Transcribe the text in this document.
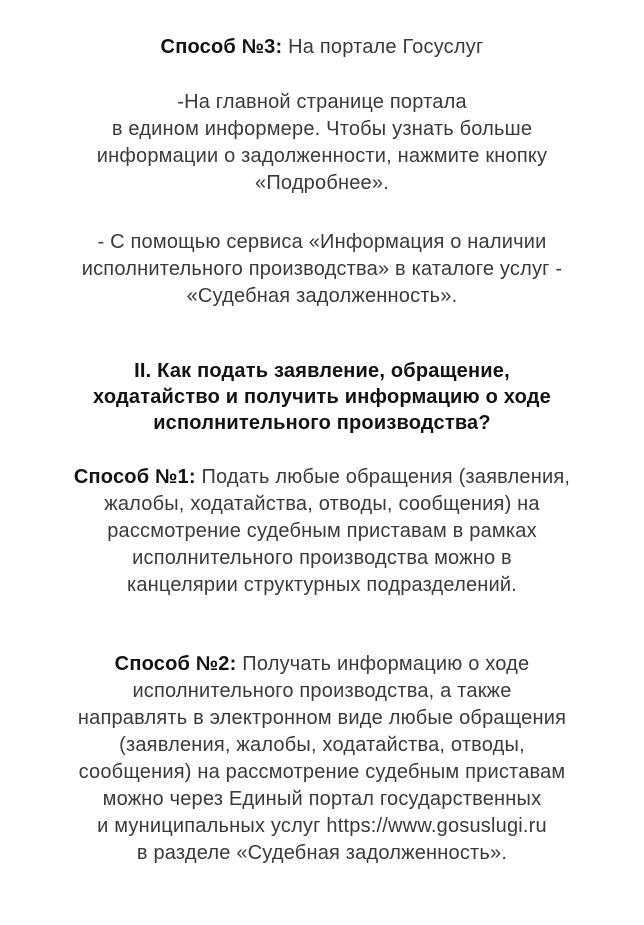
Способ №3: На портале Госуслуг
-На главной странице портала
в едином информере. Чтобы узнать больше
информации о задолженности, нажмите кнопку
«Подробнее».
- С помощью сервиса «Информация о наличии
исполнительного производства» в каталоге услуг -
«Судебная задолженность».
II. Как подать заявление, обращение,
ходатайство и получить информацию о ходе
исполнительного производства?
Способ №1: Подать любые обращения (заявления,
жалобы, ходатайства, отводы, сообщения) на
рассмотрение судебным приставам в рамках
исполнительного производства можно в
канцелярии структурных подразделений.
Способ №2: Получать информацию о ходе
исполнительного производства, а также
направлять в электронном виде любые обращения
(заявления, жалобы, ходатайства, отводы,
сообщения) на рассмотрение судебным приставам
можно через Единый портал государственных
и муниципальных услуг https://www.gosuslugi.ru
в разделе «Судебная задолженность».
